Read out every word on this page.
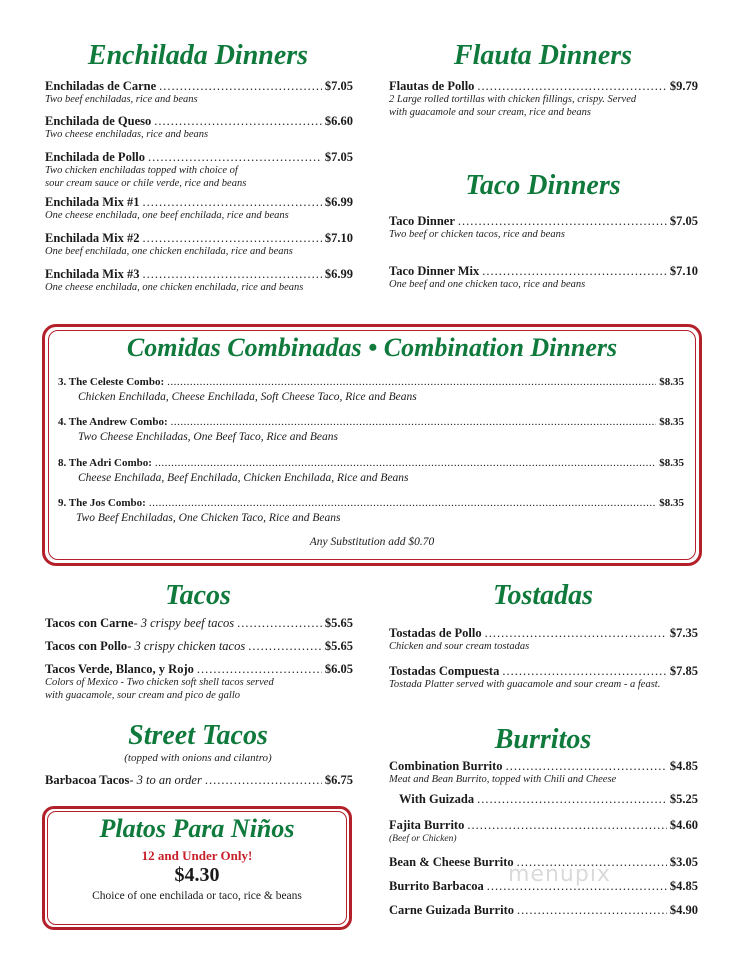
Enchilada Dinners
Enchiladas de Carne .....	$7.05
Two beef enchiladas, rice and beans
Enchilada de Queso .....	$6.60
Two cheese enchiladas, rice and beans
Enchilada de Pollo .....	$7.05
Two chicken enchiladas topped with choice of
sour cream sauce or chile verde, rice and beans
Enchilada Mix #1 .....	$6.99
One cheese enchilada, one beef enchilada, rice and beans
Enchilada Mix #2 .....	$7.10
One beef enchilada, one chicken enchilada, rice and beans
Enchilada Mix #3 .....	$6.99
One cheese enchilada, one chicken enchilada, rice and beans
Flauta Dinners
Flautas de Pollo .....	$9.79
2 Large rolled tortillas with chicken fillings, crispy. Served
with guacamole and sour cream, rice and beans
Taco Dinners
Taco Dinner .....	$7.05
Two beef or chicken tacos, rice and beans
Taco Dinner Mix .....	$7.10
One beef and one chicken taco, rice and beans
Comidas Combinadas • Combination Dinners
3. The Celeste Combo: .....	$8.35
Chicken Enchilada, Cheese Enchilada, Soft Cheese Taco, Rice and Beans
4. The Andrew Combo: .....	$8.35
Two Cheese Enchiladas, One Beef Taco, Rice and Beans
8. The Adri Combo: .....	$8.35
Cheese Enchilada, Beef Enchilada, Chicken Enchilada, Rice and Beans
9. The Jos Combo: .....	$8.35
Two Beef Enchiladas, One Chicken Taco, Rice and Beans
Any Substitution add $0.70
Tacos
Tacos con Carne - 3 crispy beef tacos .....	$5.65
Tacos con Pollo - 3 crispy chicken tacos .....	$5.65
Tacos Verde, Blanco, y Rojo .....	$6.05
Colors of Mexico - Two chicken soft shell tacos served
with guacamole, sour cream and pico de gallo
Street Tacos
(topped with onions and cilantro)
Barbacoa Tacos - 3 to an order .....	$6.75
Platos Para Niños
12 and Under Only!
$4.30
Choice of one enchilada or taco, rice & beans
Tostadas
Tostadas de Pollo .....	$7.35
Chicken and sour cream tostadas
Tostadas Compuesta .....	$7.85
Tostada Platter served with guacamole and sour cream - a feast.
Burritos
Combination Burrito .....	$4.85
Meat and Bean Burrito, topped with Chili and Cheese
With Guizada .....	$5.25
Fajita Burrito .....	$4.60
(Beef or Chicken)
Bean & Cheese Burrito .....	$3.05
Burrito Barbacoa .....	$4.85
Carne Guizada Burrito .....	$4.90
menupix
